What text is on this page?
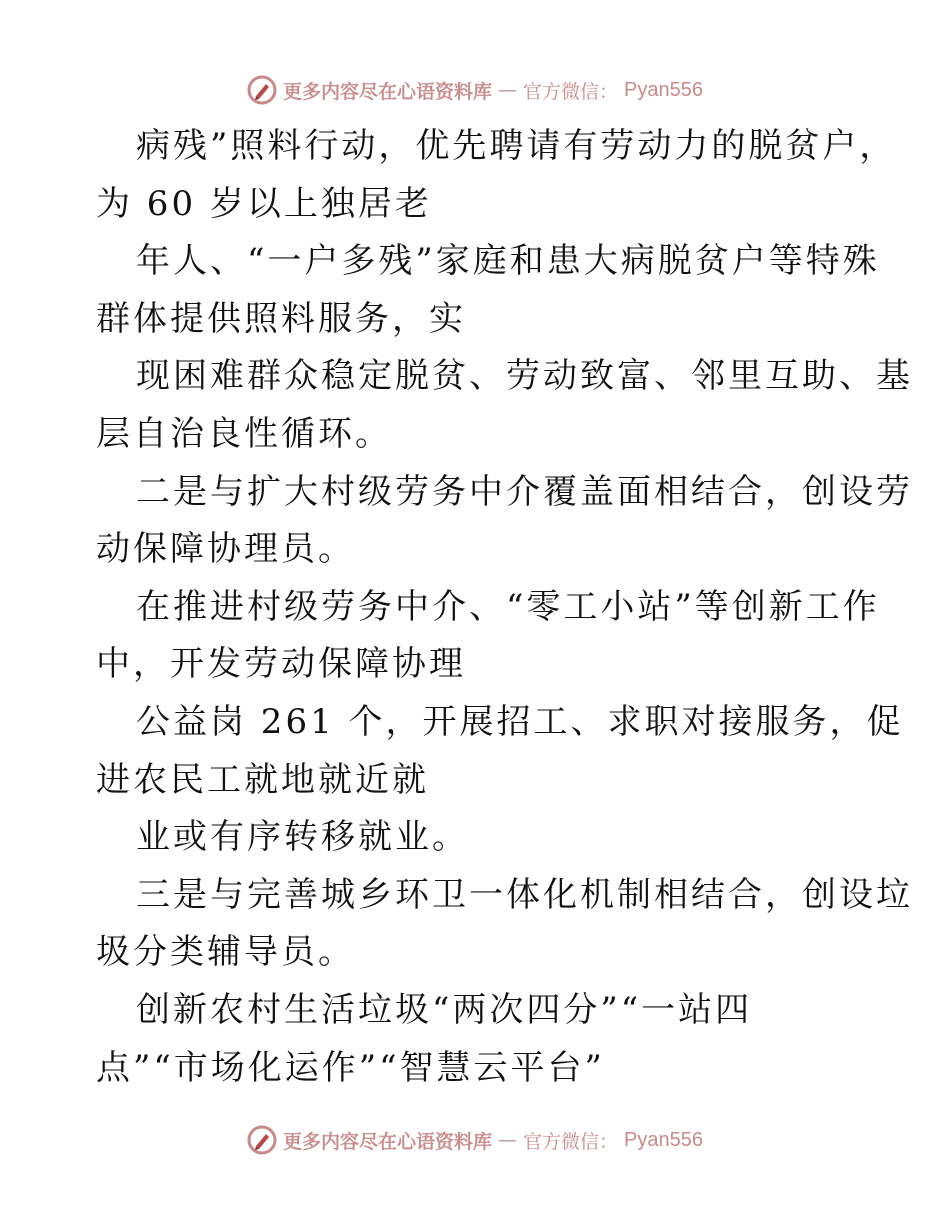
更多内容尽在心语资料库 — 官方微信： Pyan556
病残”照料行动，优先聘请有劳动力的脱贫户，
为 60 岁以上独居老
年人、“一户多残”家庭和患大病脱贫户等特殊
群体提供照料服务，实
现困难群众稳定脱贫、劳动致富、邻里互助、基
层自治良性循环。
二是与扩大村级劳务中介覆盖面相结合，创设劳
动保障协理员。
在推进村级劳务中介、“零工小站”等创新工作
中，开发劳动保障协理
公益岗 261 个，开展招工、求职对接服务，促
进农民工就地就近就
业或有序转移就业。
三是与完善城乡环卫一体化机制相结合，创设垃
圾分类辅导员。
创新农村生活垃圾“两次四分”“一站四
点”“市场化运作”“智慧云平台”
更多内容尽在心语资料库 — 官方微信： Pyan556
